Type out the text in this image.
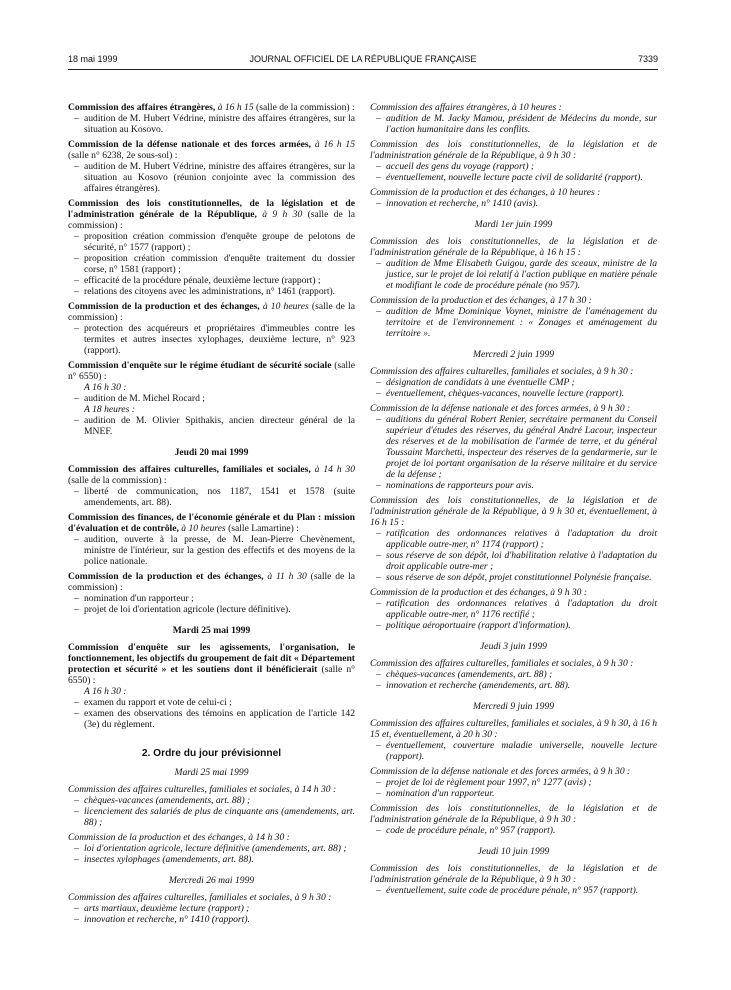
18 mai 1999	JOURNAL OFFICIEL DE LA RÉPUBLIQUE FRANÇAISE	7339
Commission des affaires étrangères, à 16 h 15 (salle de la commission) :
– audition de M. Hubert Védrine, ministre des affaires étrangères, sur la situation au Kosovo.
Commission de la défense nationale et des forces armées, à 16 h 15 (salle n° 6238, 2e sous-sol) :
– audition de M. Hubert Védrine, ministre des affaires étrangères, sur la situation au Kosovo (réunion conjointe avec la commission des affaires étrangères).
Commission des lois constitutionnelles, de la législation et de l'administration générale de la République, à 9 h 30 (salle de la commission) :
– proposition création commission d'enquête groupe de pelotons de sécurité, n° 1577 (rapport) ;
– proposition création commission d'enquête traitement du dossier corse, n° 1581 (rapport) ;
– efficacité de la procédure pénale, deuxième lecture (rapport) ;
– relations des citoyens avec les administrations, n° 1461 (rapport).
Commission de la production et des échanges, à 10 heures (salle de la commission) :
– protection des acquéreurs et propriétaires d'immeubles contre les termites et autres insectes xylophages, deuxième lecture, n° 923 (rapport).
Commission d'enquête sur le régime étudiant de sécurité sociale (salle n° 6550) :
A 16 h 30 :
– audition de M. Michel Rocard ;
A 18 heures :
– audition de M. Olivier Spithakis, ancien directeur général de la MNEF.
Jeudi 20 mai 1999
Commission des affaires culturelles, familiales et sociales, à 14 h 30 (salle de la commission) :
– liberté de communication, nos 1187, 1541 et 1578 (suite amendements, art. 88).
Commission des finances, de l'économie générale et du Plan : mission d'évaluation et de contrôle, à 10 heures (salle Lamartine) :
– audition, ouverte à la presse, de M. Jean-Pierre Chevènement, ministre de l'intérieur, sur la gestion des effectifs et des moyens de la police nationale.
Commission de la production et des échanges, à 11 h 30 (salle de la commission) :
– nomination d'un rapporteur ;
– projet de loi d'orientation agricole (lecture définitive).
Mardi 25 mai 1999
Commission d'enquête sur les agissements, l'organisation, le fonctionnement, les objectifs du groupement de fait dit « Département protection et sécurité » et les soutiens dont il bénéficierait (salle n° 6550) :
A 16 h 30 :
– examen du rapport et vote de celui-ci ;
– examen des observations des témoins en application de l'article 142 (3e) du règlement.
2. Ordre du jour prévisionnel
Mardi 25 mai 1999
Commission des affaires culturelles, familiales et sociales, à 14 h 30 :
– chèques-vacances (amendements, art. 88) ;
– licenciement des salariés de plus de cinquante ans (amendements, art. 88) ;
Commission de la production et des échanges, à 14 h 30 :
– loi d'orientation agricole, lecture définitive (amendements, art. 88) ;
– insectes xylophages (amendements, art. 88).
Mercredi 26 mai 1999
Commission des affaires culturelles, familiales et sociales, à 9 h 30 :
– arts martiaux, deuxième lecture (rapport) ;
– innovation et recherche, n° 1410 (rapport).
Commission des affaires étrangères, à 10 heures :
– audition de M. Jacky Mamou, président de Médecins du monde, sur l'action humanitaire dans les conflits.
Commission des lois constitutionnelles, de la législation et de l'administration générale de la République, à 9 h 30 :
– accueil des gens du voyage (rapport) ;
– éventuellement, nouvelle lecture pacte civil de solidarité (rapport).
Commission de la production et des échanges, à 10 heures :
– innovation et recherche, n° 1410 (avis).
Mardi 1er juin 1999
Commission des lois constitutionnelles, de la législation et de l'administration générale de la République, à 16 h 15 :
– audition de Mme Elisabeth Guigou, garde des sceaux, ministre de la justice, sur le projet de loi relatif à l'action publique en matière pénale et modifiant le code de procédure pénale (no 957).
Commission de la production et des échanges, à 17 h 30 :
– audition de Mme Dominique Voynet, ministre de l'aménagement du territoire et de l'environnement : « Zonages et aménagement du territoire ».
Mercredi 2 juin 1999
Commission des affaires culturelles, familiales et sociales, à 9 h 30 :
– désignation de candidats à une éventuelle CMP ;
– éventuellement, chèques-vacances, nouvelle lecture (rapport).
Commission de la défense nationale et des forces armées, à 9 h 30 :
– auditions du général Robert Renier, secrétaire permanent du Conseil supérieur d'études des réserves, du général André Lacour, inspecteur des réserves et de la mobilisation de l'armée de terre, et du général Toussaint Marchetti, inspecteur des réserves de la gendarmerie, sur le projet de loi portant organisation de la réserve militaire et du service de la défense ;
– nominations de rapporteurs pour avis.
Commission des lois constitutionnelles, de la législation et de l'administration générale de la République, à 9 h 30 et, éventuellement, à 16 h 15 :
– ratification des ordonnances relatives à l'adaptation du droit applicable outre-mer, n° 1174 (rapport) ;
– sous réserve de son dépôt, loi d'habilitation relative à l'adaptation du droit applicable outre-mer ;
– sous réserve de son dépôt, projet constitutionnel Polynésie française.
Commission de la production et des échanges, à 9 h 30 :
– ratification des ordonnances relatives à l'adaptation du droit applicable outre-mer, n° 1176 rectifié ;
– politique aéroportuaire (rapport d'information).
Jeudi 3 juin 1999
Commission des affaires culturelles, familiales et sociales, à 9 h 30 :
– chèques-vacances (amendements, art. 88) ;
– innovation et recherche (amendements, art. 88).
Mercredi 9 juin 1999
Commission des affaires culturelles, familiales et sociales, à 9 h 30, à 16 h 15 et, éventuellement, à 20 h 30 :
– éventuellement, couverture maladie universelle, nouvelle lecture (rapport).
Commission de la défense nationale et des forces armées, à 9 h 30 :
– projet de loi de règlement pour 1997, n° 1277 (avis) ;
– nomination d'un rapporteur.
Commission des lois constitutionnelles, de la législation et de l'administration générale de la République, à 9 h 30 :
– code de procédure pénale, n° 957 (rapport).
Jeudi 10 juin 1999
Commission des lois constitutionnelles, de la législation et de l'administration générale de la République, à 9 h 30 :
– éventuellement, suite code de procédure pénale, n° 957 (rapport).
